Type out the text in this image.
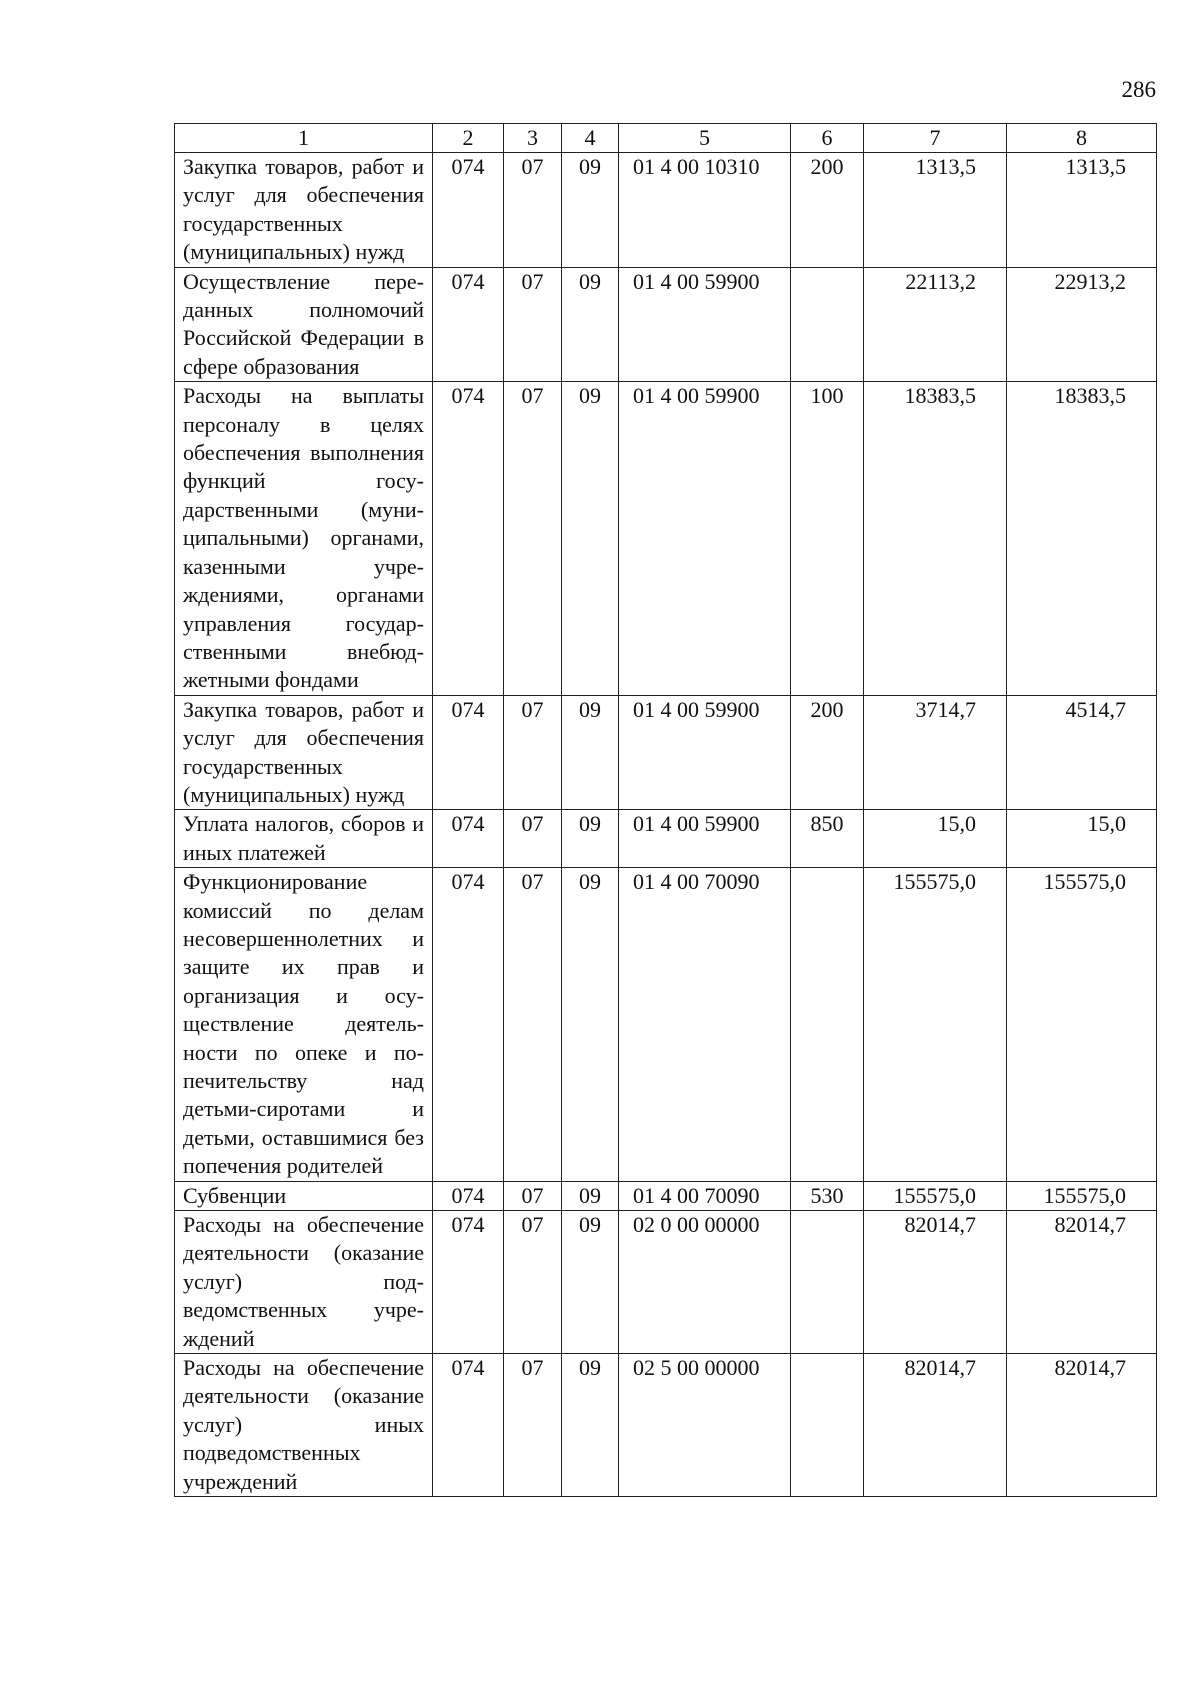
286
1	2	3	4	5	6	7	8
Закупка товаров, работ и услуг для обеспечения государственных (муниципальных) нужд	074	07	09	01 4 00 10310	200	1313,5	1313,5
Осуществление переданных полномочий Российской Федерации в сфере образования	074	07	09	01 4 00 59900		22113,2	22913,2
Расходы на выплаты персоналу в целях обеспечения выполнения функций государственными (муниципальными) органами, казенными учреждениями, органами управления государственными внебюджетными фондами	074	07	09	01 4 00 59900	100	18383,5	18383,5
Закупка товаров, работ и услуг для обеспечения государственных (муниципальных) нужд	074	07	09	01 4 00 59900	200	3714,7	4514,7
Уплата налогов, сборов и иных платежей	074	07	09	01 4 00 59900	850	15,0	15,0
Функционирование комиссий по делам несовершеннолетних и защите их прав и организация и осуществление деятельности по опеке и попечительству над детьми-сиротами и детьми, оставшимися без попечения родителей	074	07	09	01 4 00 70090		155575,0	155575,0
Субвенции	074	07	09	01 4 00 70090	530	155575,0	155575,0
Расходы на обеспечение деятельности (оказание услуг) подведомственных учреждений	074	07	09	02 0 00 00000		82014,7	82014,7
Расходы на обеспечение деятельности (оказание услуг) иных подведомственных учреждений	074	07	09	02 5 00 00000		82014,7	82014,7
